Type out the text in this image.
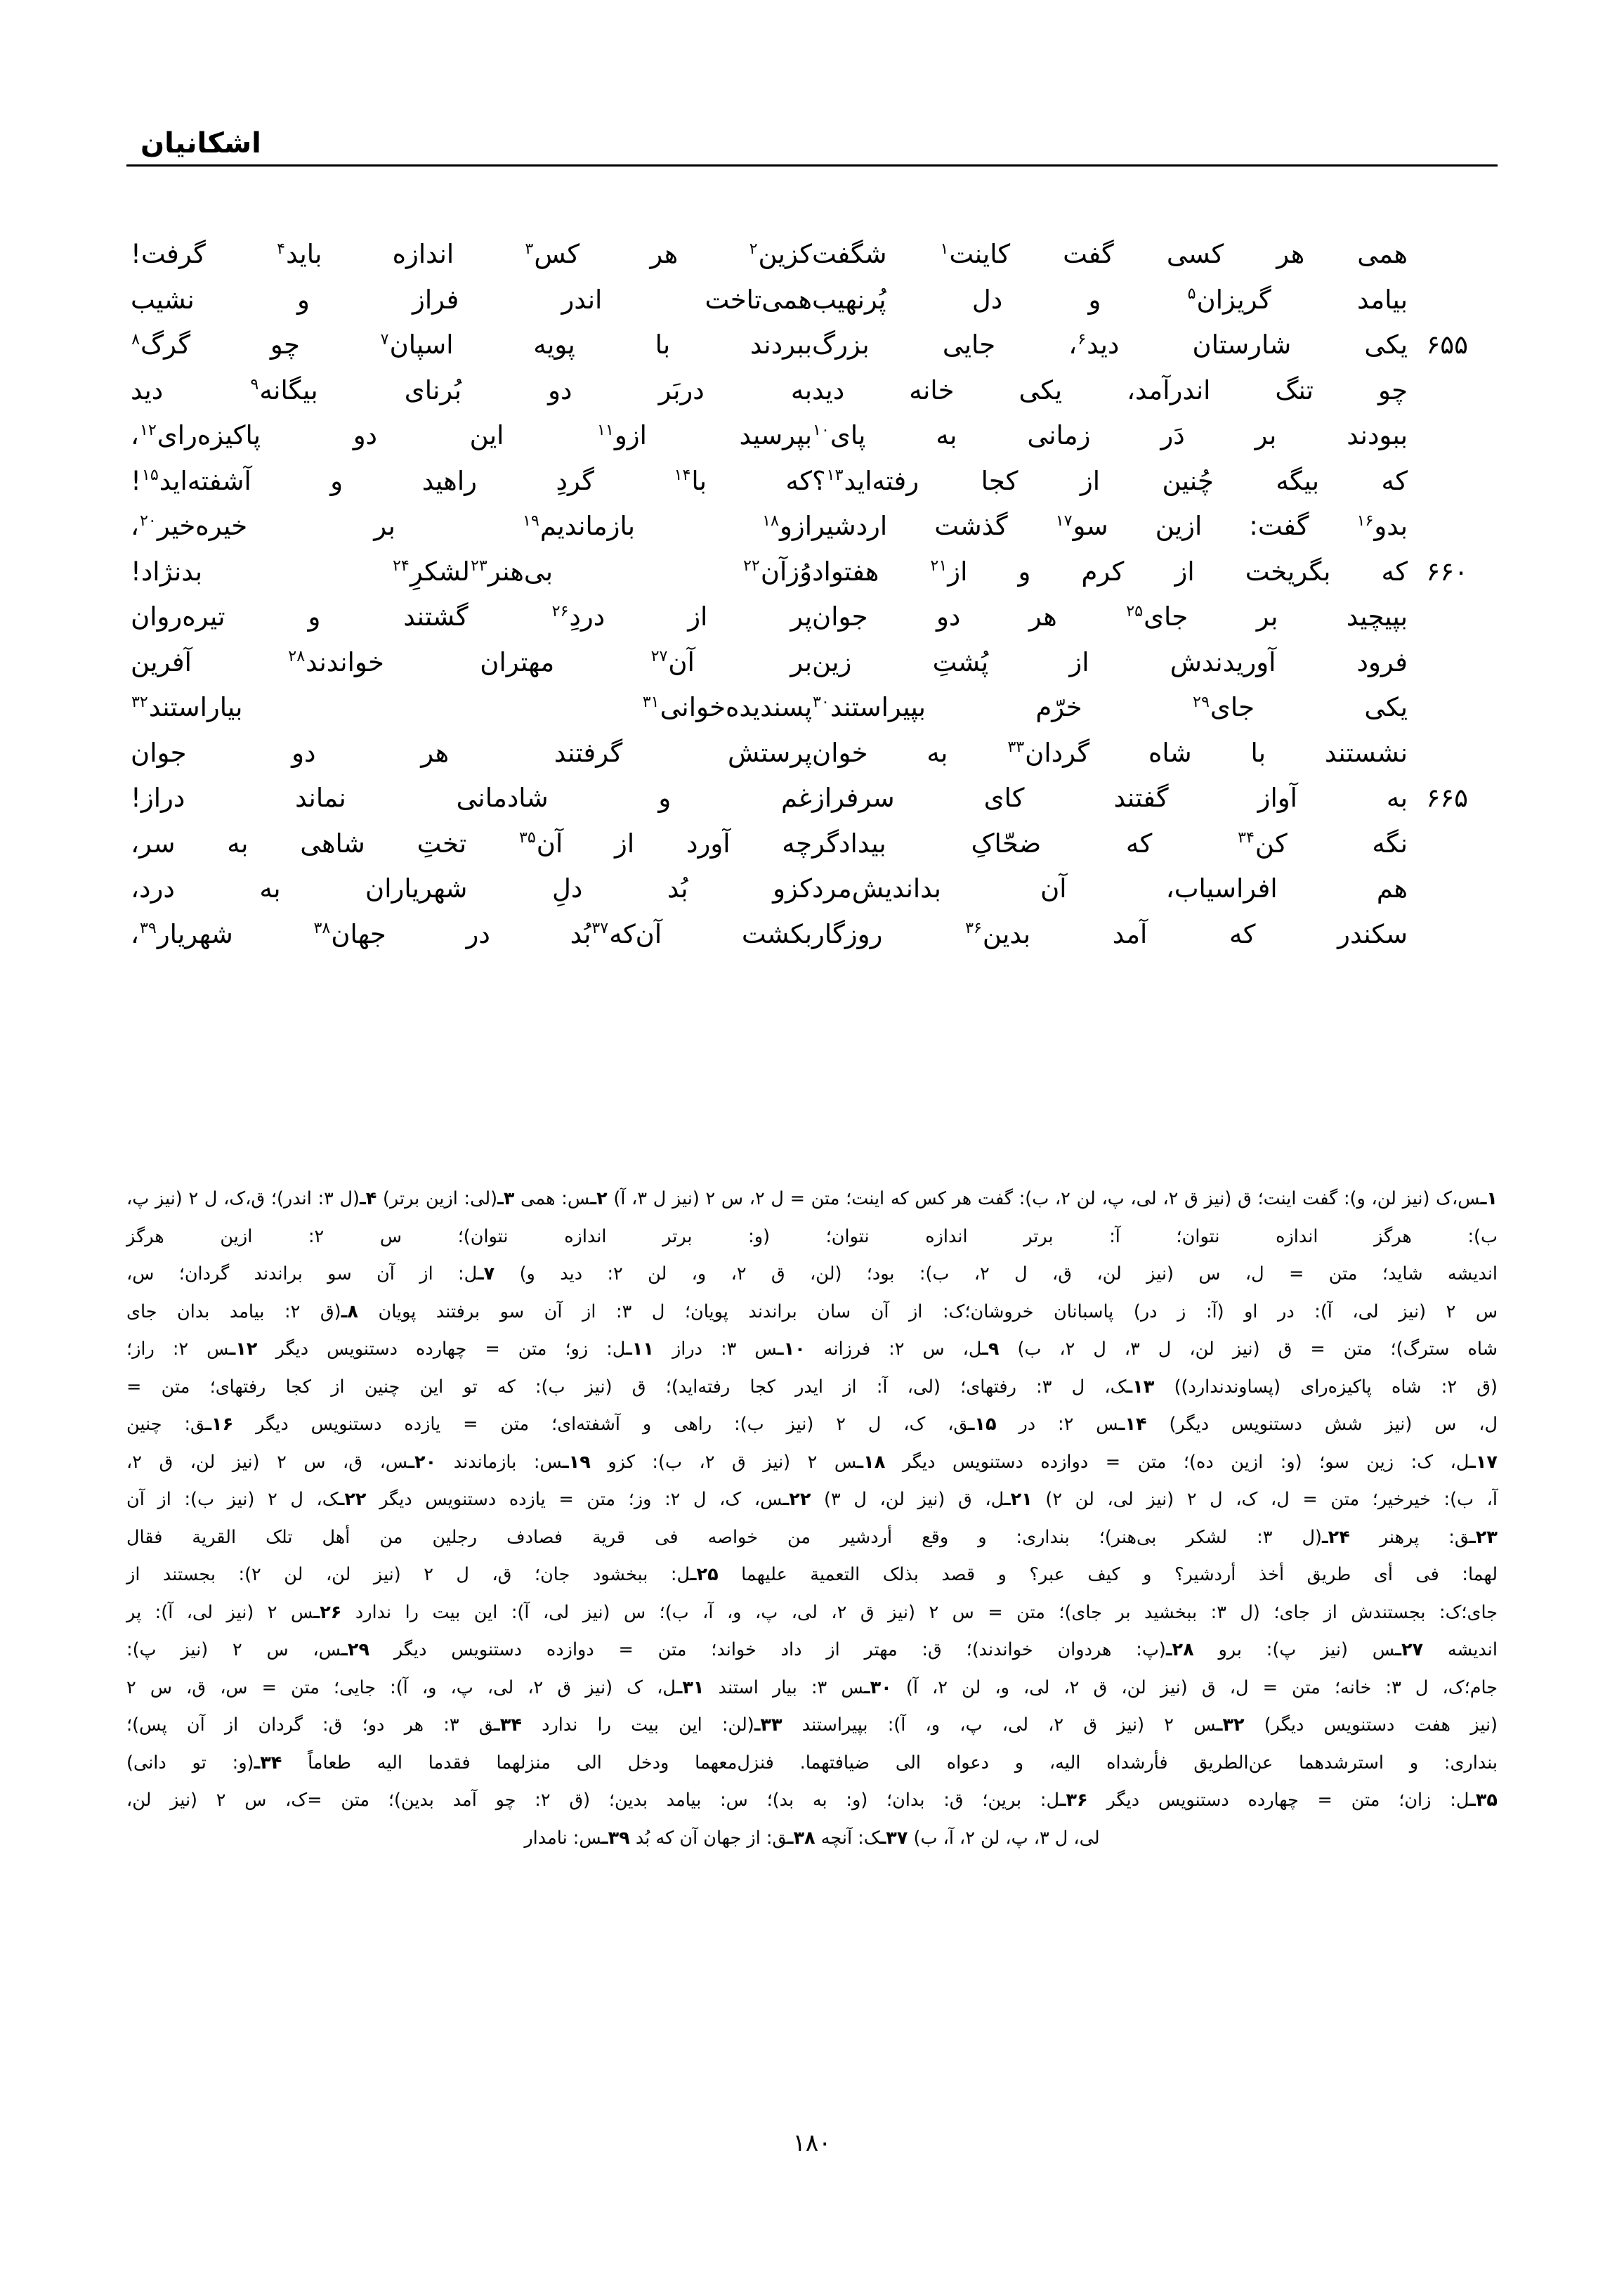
اشکانیان

همی
هر
کسی
گفت
کاینت$^۱$
شگفت
کزین$^۲$
هر
کس$^۳$
اندازه
باید$^۴$
گرفت!

بیامد
گریزان$^۵$
و
دل
پُرنهیب
همی‌تاخت
اندر
فراز
و
نشیب
۶۵۵
یکی
شارستان
دید$^۶$،
جایی
بزرگ
ببردند
با
پویه
اسپان$^۷$
چو
گرگ$^۸$

چو
تنگ
اندرآمد،
یکی
خانه
دید
به
دربَر
دو
بُرنای
بیگانه$^۹$
دید

ببودند
بر
دَر
زمانی
به
پای$^{۱۰}$
بپرسید
ازو$^{۱۱}$
این
دو
پاکیزه‌رای$^{۱۲}$،

که
بیگه
چُنین
از
کجا
رفته‌اید$^{۱۳}$؟
که
با$^{۱۴}$
گردِ
راهید
و
آشفته‌اید$^{۱۵}$!

بدو$^{۱۶}$
گفت:
ازین
سو$^{۱۷}$
گذشت
اردشیر
ازو$^{۱۸}$
بازماندیم$^{۱۹}$
بر
خیره‌خیر$^{۲۰}$،
۶۶۰
که
بگریخت
از
کرم
و
از$^{۲۱}$
هفتواد
وُزآن$^{۲۲}$
بی‌هنر$^{۲۳}$لشکرِ$^{۲۴}$
بدنژاد!

بپیچید
بر
جای$^{۲۵}$
هر
دو
جوان
پر
از
دردِ$^{۲۶}$
گشتند
و
تیره‌روان

فرود
آوریدندش
از
پُشتِ
زین
بر
آن$^{۲۷}$
مهتران
خواندند$^{۲۸}$
آفرین

یکی
جای$^{۲۹}$
خرّم
بپیراستند$^{۳۰}$
پسندیده‌خوانی$^{۳۱}$
بیاراستند$^{۳۲}$

نشستند
با
شاه
گردان$^{۳۳}$
به
خوان
پرستش
گرفتند
هر
دو
جوان
۶۶۵
به
آواز
گفتند
کای
سرفراز
غم
و
شادمانی
نماند
دراز!

نگه
کن$^{۳۴}$
که
ضحّاکِ
بیدادگر
چه
آورد
از
آن$^{۳۵}$
تختِ
شاهی
به
سر،

هم
افراسیاب،
آن
بداندیش‌مرد
کزو
بُد
دلِ
شهریاران
به
درد،

سکندر
که
آمد
بدین$^{۳۶}$
روزگار
بکشت
آن‌که$^{۳۷}$بُد
در
جهان$^{۳۸}$
شهریار$^{۳۹}$،

۱ـس،ک (نیز لن، و): گفت اینت؛ ق (نیز ق ۲، لی، پ، لن ۲، ب): گفت هر کس که اینت؛ متن = ل ۲، س ۲ (نیز ل ۳، آ) ۲ـس: همی ۳ـ(لی: ازین برتر) ۴ـ(ل ۳: اندر)؛ ق،ک، ل ۲ (نیز پ، ب): هرگز اندازه نتوان؛ آ: برتر اندازه نتوان؛ (و: برتر اندازه نتوان)؛ س ۲: ازین هرگز

اندیشه شاید؛ متن = ل، س (نیز لن، ق، ل ۲، ب): بود؛ (لن، ق ۲، و، لن ۲: دید و) ۷ـل: از آن سو براندند گردان؛ س،

س ۲ (نیز لی، آ): در او (آ: ز در) پاسبانان خروشان؛ک: از آن سان براندند پویان؛ ل ۳: از آن سو برفتند پویان ۸ـ(ق ۲: بیامد بدان جای

شاه سترگ)؛ متن = ق (نیز لن، ل ۳، ل ۲، ب) ۹ـل، س ۲: فرزانه ۱۰ـس ۳: دراز ۱۱ـل: زو؛ متن = چهارده دستنویس دیگر ۱۲ـس ۲: راز؛

(ق ۲: شاه پاکیزه‌رای (پساوندندارد)) ۱۳ـک، ل ۳: رفتهای؛ (لی، آ: از ایدر کجا رفته‌اید)؛ ق (نیز ب): که تو این چنین از کجا رفتهای؛ متن =

ل، س (نیز شش دستنویس دیگر) ۱۴ـس ۲: در ۱۵ـق، ک، ل ۲ (نیز ب): راهی و آشفته‌ای؛ متن = یازده دستنویس دیگر ۱۶ـق: چنین

۱۷ـل، ک: زین سو؛ (و: ازین ده)؛ متن = دوازده دستنویس دیگر ۱۸ـس ۲ (نیز ق ۲، ب): کزو ۱۹ـس: بازماندند ۲۰ـس، ق، س ۲ (نیز لن، ق ۲،

آ، ب): خیرخیر؛ متن = ل، ک، ل ۲ (نیز لی، لن ۲) ۲۱ـل، ق (نیز لن، ل ۳) ۲۲ـس، ک، ل ۲: وز؛ متن = یازده دستنویس دیگر ۲۲ـک، ل ۲ (نیز ب): از آن

۲۳ـق: پرهنر ۲۴ـ(ل ۳: لشکر بی‌هنر)؛ بنداری: و وقع أردشیر من خواصه فی قریة فصادف رجلین من أهل تلک القریة فقال

لهما: فی أی طریق أخذ أردشیر؟ و کیف عبر؟ و قصد بذلک التعمیة علیهما ۲۵ـل: ببخشود جان؛ ق، ل ۲ (نیز لن، لن ۲): بجستند از

جای؛ک: بجستندش از جای؛ (ل ۳: ببخشید بر جای)؛ متن = س ۲ (نیز ق ۲، لی، پ، و، آ، ب)؛ س (نیز لی، آ): این بیت را ندارد ۲۶ـس ۲ (نیز لی، آ): پر

اندیشه ۲۷ـس (نیز پ): برو ۲۸ـ(پ: هردوان خواندند)؛ ق: مهتر از داد خواند؛ متن = دوازده دستنویس دیگر ۲۹ـس، س ۲ (نیز پ):

جام؛ک، ل ۳: خانه؛ متن = ل، ق (نیز لن، ق ۲، لی، و، لن ۲، آ) ۳۰ـس ۳: بیار استند ۳۱ـل، ک (نیز ق ۲، لی، پ، و، آ): جایی؛ متن = س، ق، س ۲

(نیز هفت دستنویس دیگر) ۳۲ـس ۲ (نیز ق ۲، لی، پ، و، آ): بپیراستند ۳۳ـ(لن: این بیت را ندارد ۳۴ـق ۳: هر دو؛ ق: گردان از آن پس)؛

بنداری: و استرشدهما عن‌الطریق فأرشداه الیه، و دعواه الی ضیافتهما. فنزل‌معهما ودخل الی منزلهما فقدما الیه طعاماً ۳۴ـ(و: تو دانی)

۳۵ـل: زان؛ متن = چهارده دستنویس دیگر ۳۶ـل: برین؛ ق: بدان؛ (و: به بد)؛ س: بیامد بدین؛ (ق ۲: چو آمد بدین)؛ متن =ک، س ۲ (نیز لن،

لی، ل ۳، پ، لن ۲، آ، ب) ۳۷ـک: آنچه ۳۸ـق: از جهان آن که بُد ۳۹ـس: نامدار

۱۸۰
